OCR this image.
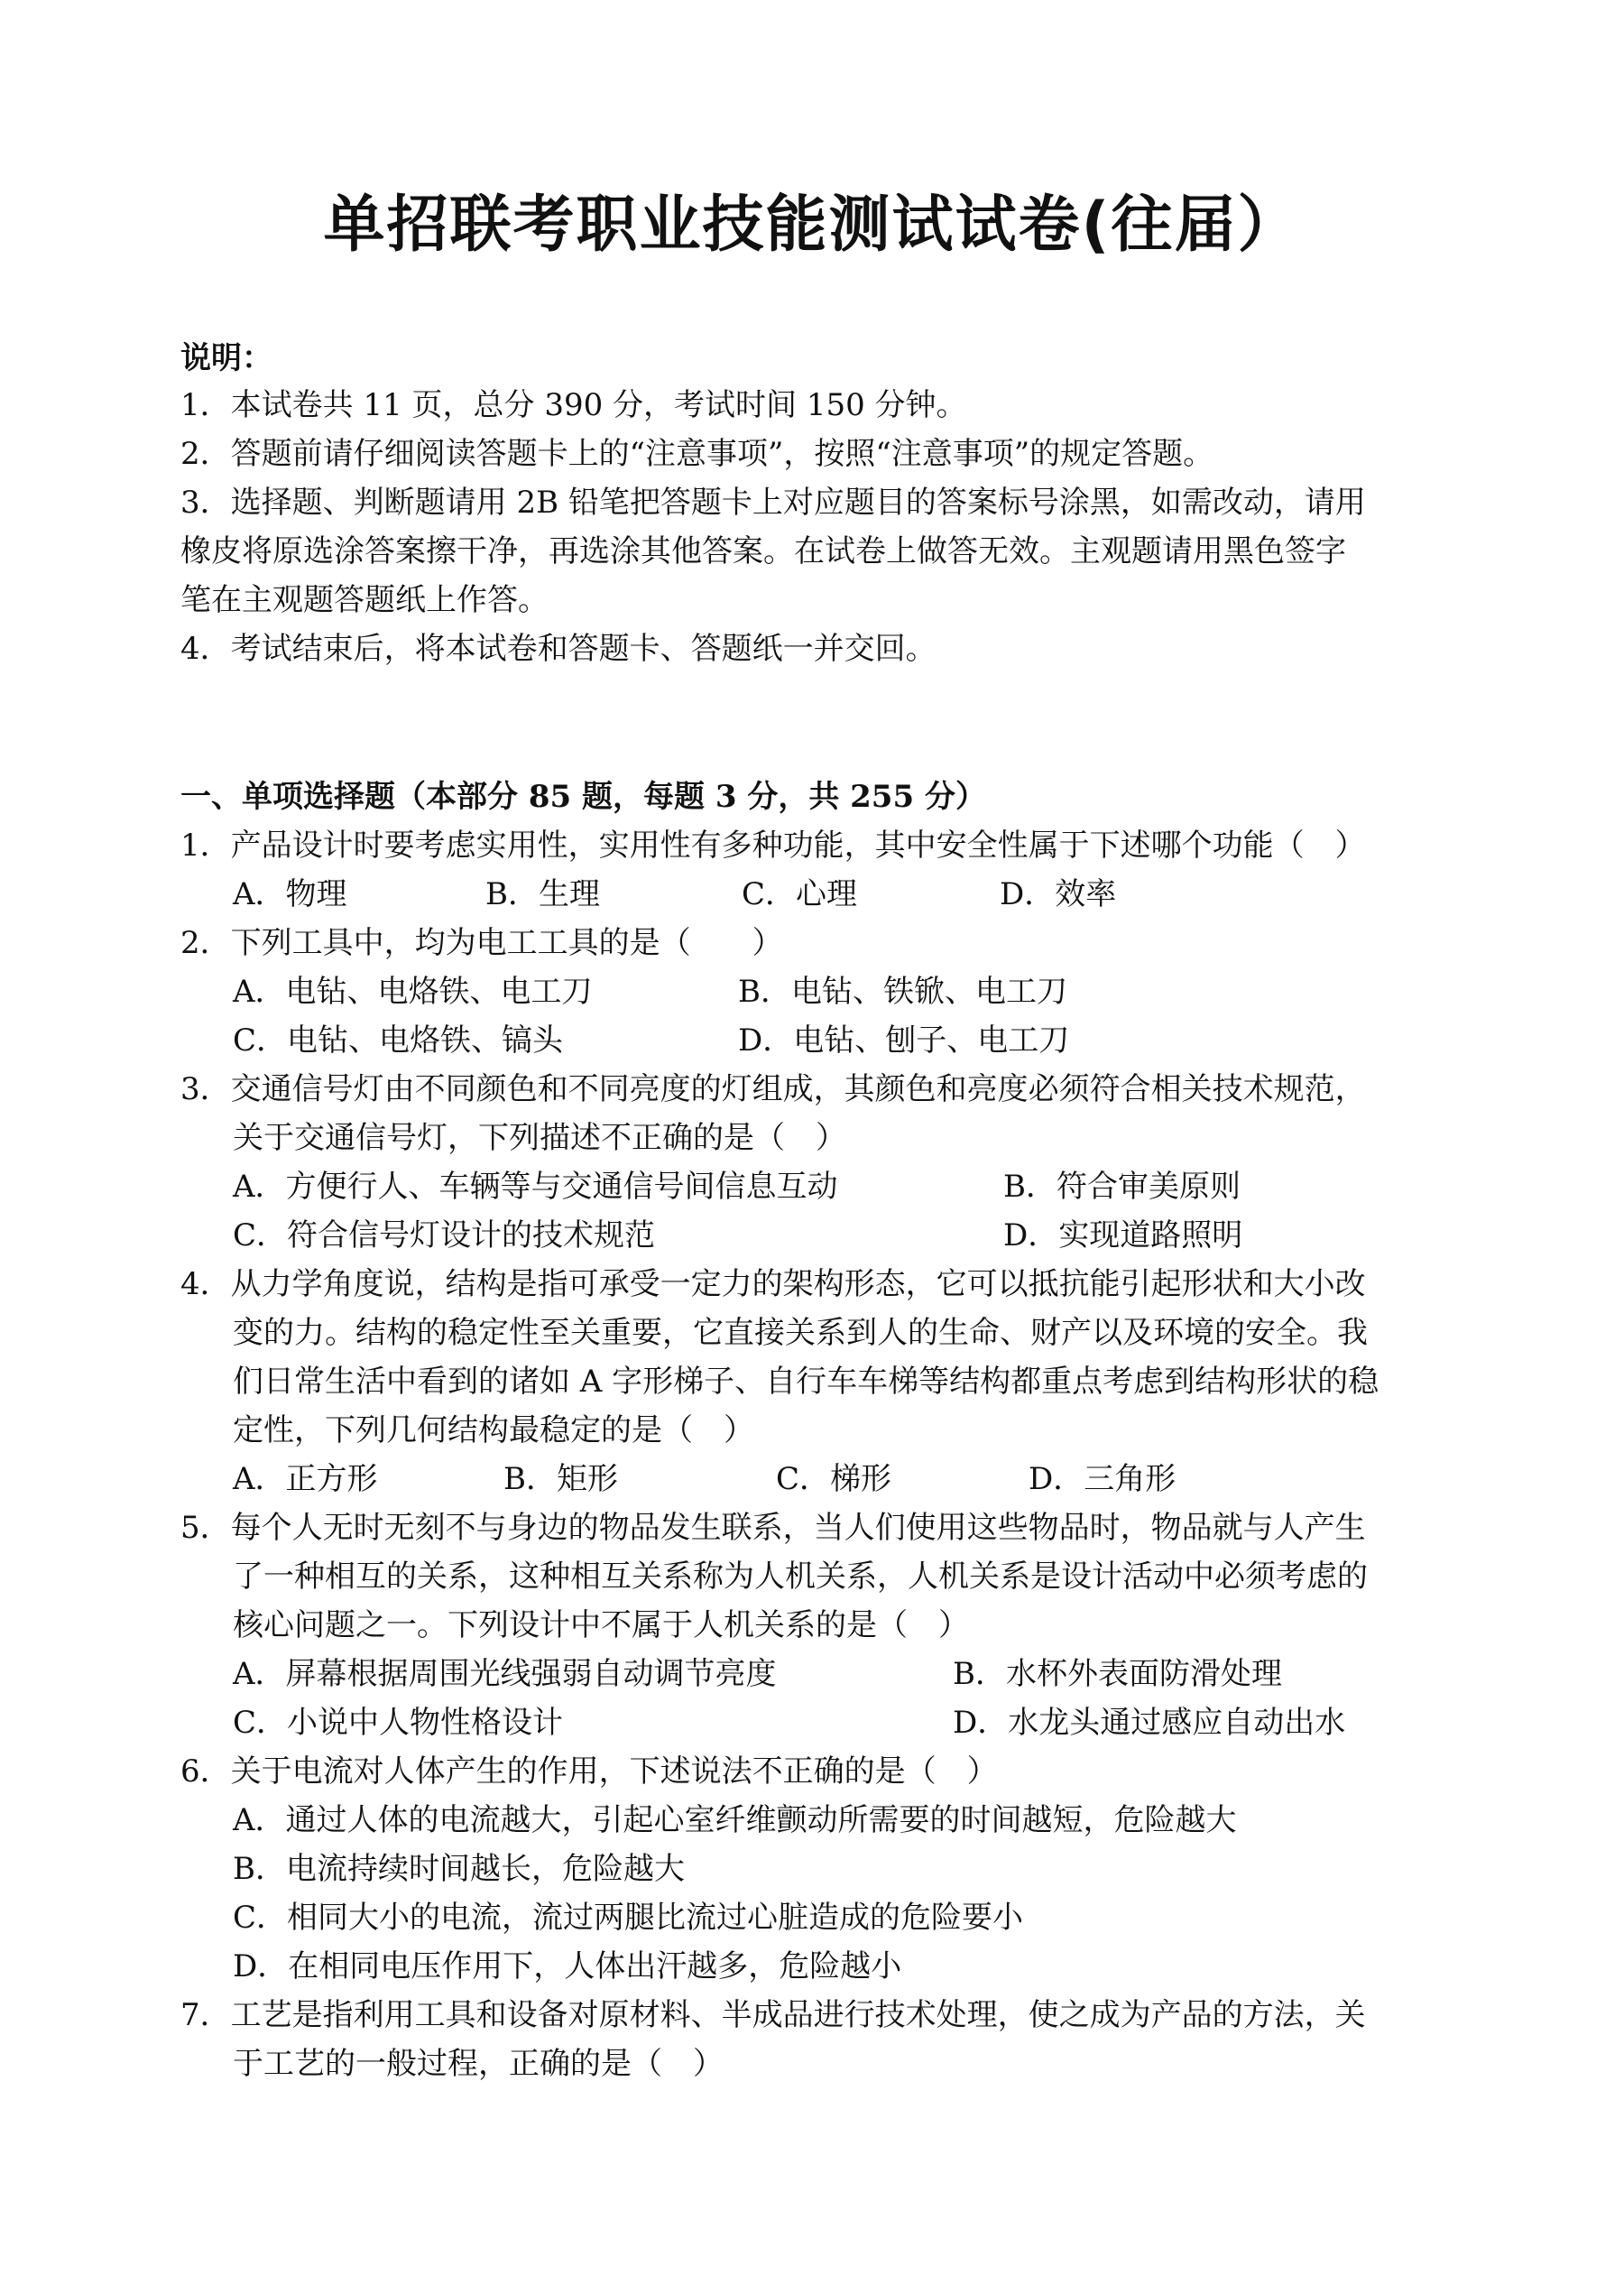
单招联考职业技能测试试卷(往届）
说明：
1．本试卷共 11 页，总分 390 分，考试时间 150 分钟。
2．答题前请仔细阅读答题卡上的“注意事项”，按照“注意事项”的规定答题。
3．选择题、判断题请用 2B 铅笔把答题卡上对应题目的答案标号涂黑，如需改动，请用
橡皮将原选涂答案擦干净，再选涂其他答案。在试卷上做答无效。主观题请用黑色签字
笔在主观题答题纸上作答。
4．考试结束后，将本试卷和答题卡、答题纸一并交回。
一、单项选择题（本部分 85 题，每题 3 分，共 255 分）
1．产品设计时要考虑实用性，实用性有多种功能，其中安全性属于下述哪个功能（　）
A．物理	B．生理	C．心理	D．效率
2．下列工具中，均为电工工具的是（　　）
A．电钻、电烙铁、电工刀	B．电钻、铁锨、电工刀
C．电钻、电烙铁、镐头	D．电钻、刨子、电工刀
3．交通信号灯由不同颜色和不同亮度的灯组成，其颜色和亮度必须符合相关技术规范，
关于交通信号灯，下列描述不正确的是（　）
A．方便行人、车辆等与交通信号间信息互动	B．符合审美原则
C．符合信号灯设计的技术规范	D．实现道路照明
4．从力学角度说，结构是指可承受一定力的架构形态，它可以抵抗能引起形状和大小改
变的力。结构的稳定性至关重要，它直接关系到人的生命、财产以及环境的安全。我
们日常生活中看到的诸如 A 字形梯子、自行车车梯等结构都重点考虑到结构形状的稳
定性，下列几何结构最稳定的是（　）
A．正方形	B．矩形	C．梯形	D．三角形
5．每个人无时无刻不与身边的物品发生联系，当人们使用这些物品时，物品就与人产生
了一种相互的关系，这种相互关系称为人机关系，人机关系是设计活动中必须考虑的
核心问题之一。下列设计中不属于人机关系的是（　）
A．屏幕根据周围光线强弱自动调节亮度	B．水杯外表面防滑处理
C．小说中人物性格设计	D．水龙头通过感应自动出水
6．关于电流对人体产生的作用，下述说法不正确的是（　）
A．通过人体的电流越大，引起心室纤维颤动所需要的时间越短，危险越大
B．电流持续时间越长，危险越大
C．相同大小的电流，流过两腿比流过心脏造成的危险要小
D．在相同电压作用下，人体出汗越多，危险越小
7．工艺是指利用工具和设备对原材料、半成品进行技术处理，使之成为产品的方法，关
于工艺的一般过程，正确的是（　）
